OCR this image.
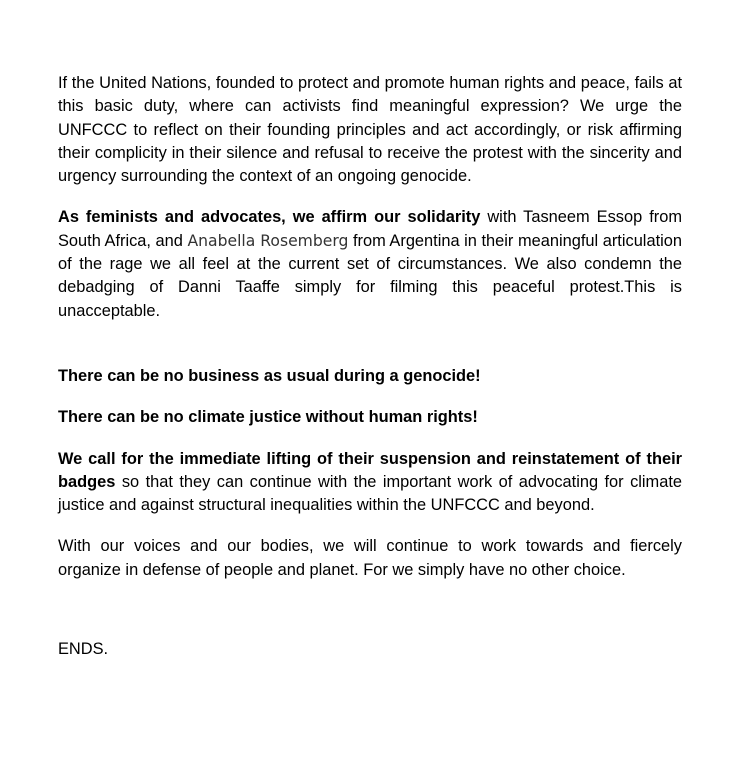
If the United Nations, founded to protect and promote human rights and peace, fails at this basic duty, where can activists find meaningful expression? We urge the UNFCCC to reflect on their founding principles and act accordingly, or risk affirming their complicity in their silence and refusal to receive the protest with the sincerity and urgency surrounding the context of an ongoing genocide.

As feminists and advocates, we affirm our solidarity with Tasneem Essop from South Africa, and Anabella Rosemberg from Argentina in their meaningful articulation of the rage we all feel at the current set of circumstances. We also condemn the debadging of Danni Taaffe simply for filming this peaceful protest.This is unacceptable.

There can be no business as usual during a genocide!

There can be no climate justice without human rights!

We call for the immediate lifting of their suspension and reinstatement of their badges so that they can continue with the important work of advocating for climate justice and against structural inequalities within the UNFCCC and beyond.

With our voices and our bodies, we will continue to work towards and fiercely organize in defense of people and planet. For we simply have no other choice.

ENDS.
